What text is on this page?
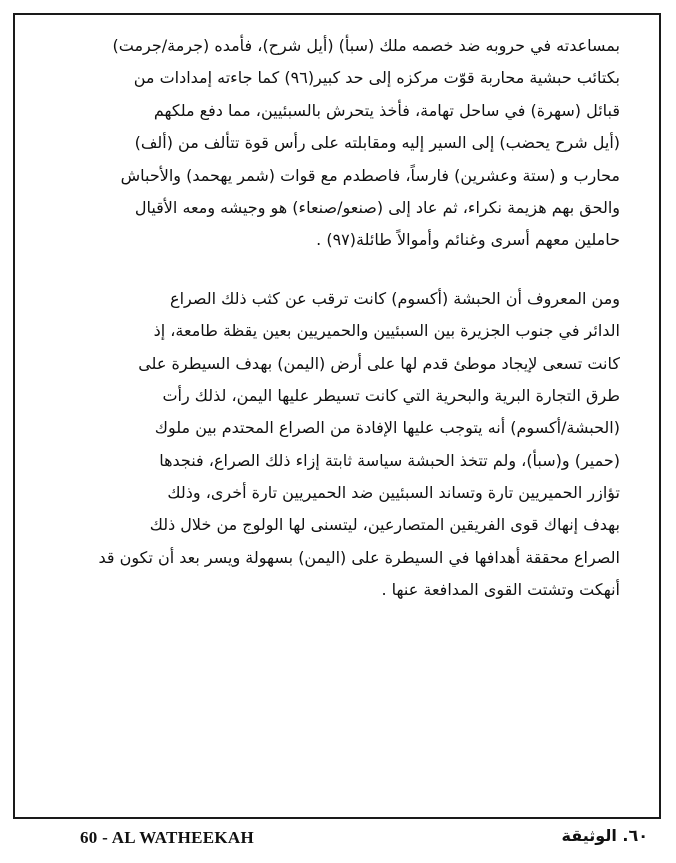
بمساعدته في حروبه ضد خصمه ملك (سبأ) (أيل شرح)، فأمده (جرمة/جرمت)
بكتائب حبشية محاربة قوّت مركزه إلى حد كبير(٩٦) كما جاءته إمدادات من
قبائل (سهرة) في ساحل تهامة، فأخذ يتحرش بالسبئيين، مما دفع ملكهم
(أيل شرح يحضب) إلى السير إليه ومقابلته على رأس قوة تتألف من (ألف)
محارب و (ستة وعشرين) فارساً، فاصطدم مع قوات (شمر يهحمد) والأحباش
والحق بهم هزيمة نكراء، ثم عاد إلى (صنعو/صنعاء) هو وجيشه ومعه الأقيال
حاملين معهم أسرى وغنائم وأموالاً طائلة(٩٧) .
ومن المعروف أن الحبشة (أكسوم) كانت ترقب عن كثب ذلك الصراع
الدائر في جنوب الجزيرة بين السبئيين والحميريين بعين يقظة طامعة، إذ
كانت تسعى لإيجاد موطئ قدم لها على أرض (اليمن) بهدف السيطرة على
طرق التجارة البرية والبحرية التي كانت تسيطر عليها اليمن، لذلك رأت
(الحبشة/أكسوم) أنه يتوجب عليها الإفادة من الصراع المحتدم بين ملوك
(حمير) و(سبأ)، ولم تتخذ الحبشة سياسة ثابتة إزاء ذلك الصراع، فنجدها
تؤازر الحميريين تارة وتساند السبئيين ضد الحميريين تارة أخرى، وذلك
بهدف إنهاك قوى الفريقين المتصارعين، ليتسنى لها الولوج من خلال ذلك
الصراع محققة أهدافها في السيطرة على (اليمن) بسهولة ويسر بعد أن تكون قد
أنهكت وتشتت القوى المدافعة عنها .
60 - AL WATHEEKAH	٦٠. الوثيقة
